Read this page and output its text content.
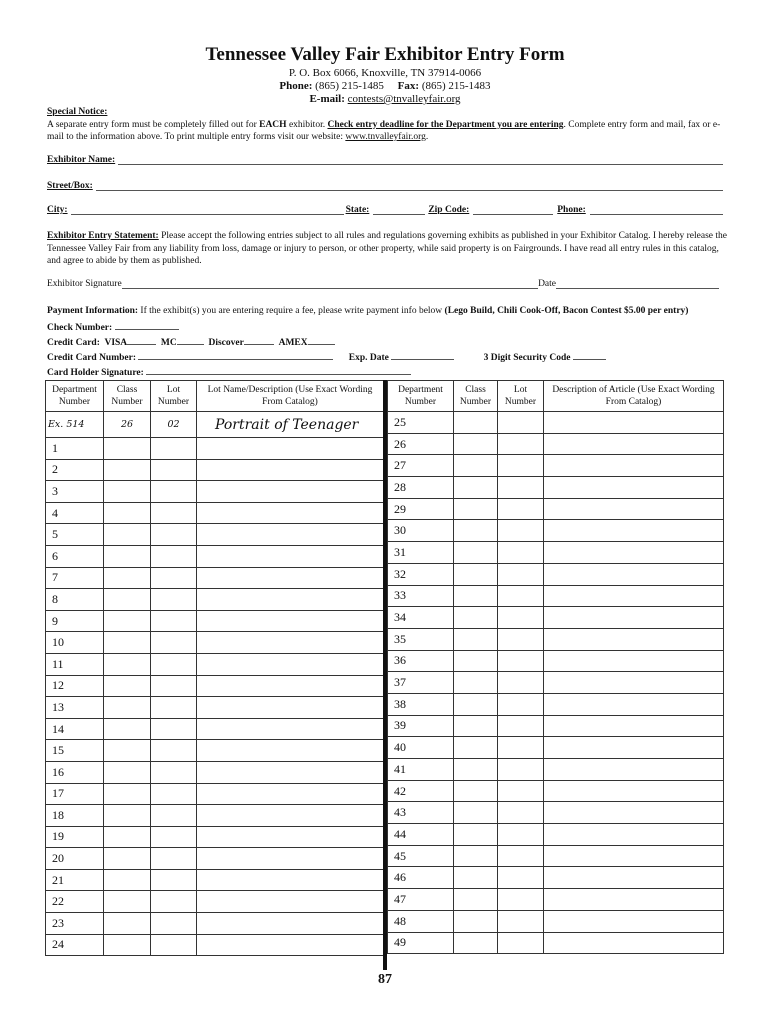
Tennessee Valley Fair Exhibitor Entry Form
P. O. Box 6066, Knoxville, TN 37914-0066
Phone: (865) 215-1485 Fax: (865) 215-1483
E-mail: contests@tnvalleyfair.org
Special Notice:
A separate entry form must be completely filled out for EACH exhibitor. Check entry deadline for the Department you are entering. Complete entry form and mail, fax or e-mail to the information above. To print multiple entry forms visit our website: www.tnvalleyfair.org.
Exhibitor Name:
Street/Box:
City:	State:	Zip Code:	Phone:
Exhibitor Entry Statement: Please accept the following entries subject to all rules and regulations governing exhibits as published in your Exhibitor Catalog. I hereby release the Tennessee Valley Fair from any liability from loss, damage or injury to person, or other property, while said property is on Fairgrounds. I have read all entry rules in this catalog, and agree to abide by them as published.
Exhibitor Signature	Date
Payment Information: If the exhibit(s) you are entering require a fee, please write payment info below (Lego Build, Chili Cook-Off, Bacon Contest $5.00 per entry)
Check Number:
Credit Card: VISA	MC	Discover	AMEX
Credit Card Number:	Exp. Date	3 Digit Security Code
Card Holder Signature:
Department Number	Class Number	Lot Number	Lot Name/Description (Use Exact Wording From Catalog)
Ex. 514	26	02	Portrait of Teenager
1			
2			
3			
4			
5			
6			
7			
8			
9			
10			
11			
12			
13			
14			
15			
16			
17			
18			
19			
20			
21			
22			
23			
24			
Department Number	Class Number	Lot Number	Description of Article (Use Exact Wording From Catalog)
25			
26			
27			
28			
29			
30			
31			
32			
33			
34			
35			
36			
37			
38			
39			
40			
41			
42			
43			
44			
45			
46			
47			
48			
49			
87
